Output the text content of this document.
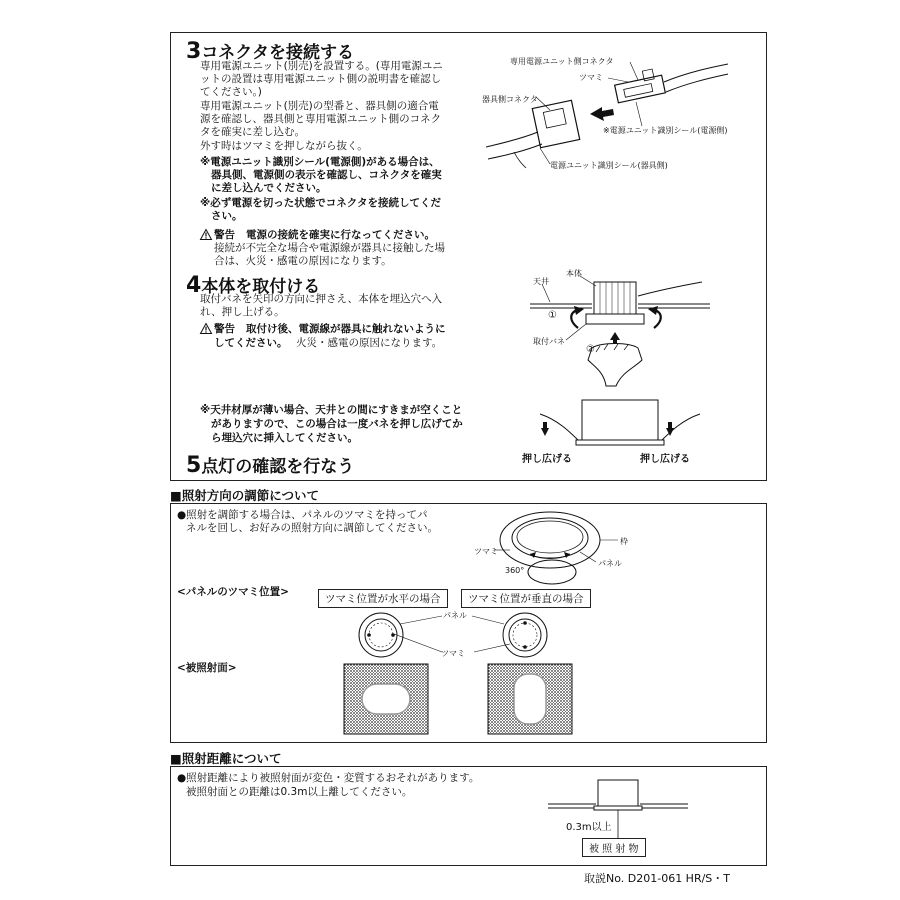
3コネクタを接続する
専用電源ユニット(別売)を設置する。(専用電源ユニ
ットの設置は専用電源ユニット側の説明書を確認し
てください。)
専用電源ユニット(別売)の型番と、器具側の適合電
源を確認し、器具側と専用電源ユニット側のコネク
タを確実に差し込む。
外す時はツマミを押しながら抜く。
※電源ユニット識別シール(電源側)がある場合は、
器具側、電源側の表示を確認し、コネクタを確実
に差し込んでください。
※必ず電源を切った状態でコネクタを接続してくだ
さい。
警告 電源の接続を確実に行なってください。
接続が不完全な場合や電源線が器具に接触した場
合は、火災・感電の原因になります。
専用電源ユニット側コネクタ
ツマミ
器具側コネクタ
※電源ユニット識別シール(電源側)
電源ユニット識別シール(器具側)
4本体を取付ける
取付バネを矢印の方向に押さえ、本体を埋込穴へ入
れ、押し上げる。
警告 取付け後、電源線が器具に触れないように
してください。 火災・感電の原因になります。
※天井材厚が薄い場合、天井との間にすきまが空くこと
がありますので、この場合は一度バネを押し広げてか
ら埋込穴に挿入してください。
本体
天井
①
②
取付バネ
押し広げる	押し広げる
5点灯の確認を行なう
■照射方向の調節について
●照射を調節する場合は、パネルのツマミを持ってパ
ネルを回し、お好みの照射方向に調節してください。
枠
ツマミ
パネル
360°
<パネルのツマミ位置>
ツマミ位置が水平の場合	ツマミ位置が垂直の場合
パネル
ツマミ
<被照射面>
■照射距離について
●照射距離により被照射面が変色・変質するおそれがあります。
被照射面との距離は0.3m以上離してください。
0.3m以上
被 照 射 物
取説No. D201-061 HR/S・T
